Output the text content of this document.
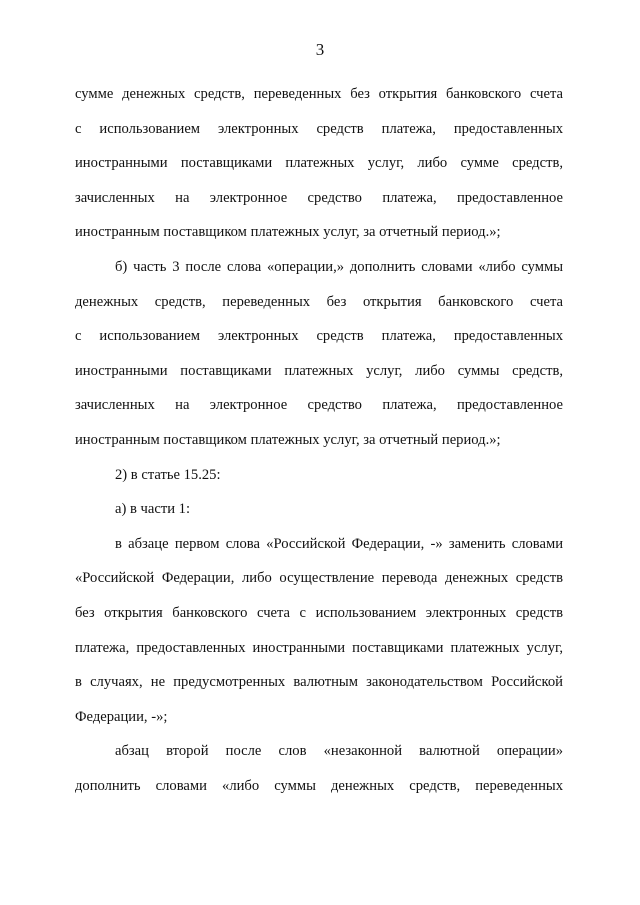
3

сумме денежных средств, переведенных без открытия банковского счета
с использованием электронных средств платежа, предоставленных
иностранными поставщиками платежных услуг, либо сумме средств,
зачисленных на электронное средство платежа, предоставленное
иностранным поставщиком платежных услуг, за отчетный период.»;

б) часть 3 после слова «операции,» дополнить словами «либо суммы
денежных средств, переведенных без открытия банковского счета
с использованием электронных средств платежа, предоставленных
иностранными поставщиками платежных услуг, либо суммы средств,
зачисленных на электронное средство платежа, предоставленное
иностранным поставщиком платежных услуг, за отчетный период.»;

2) в статье 15.25:

а) в части 1:

в абзаце первом слова «Российской Федерации, -» заменить словами
«Российской Федерации, либо осуществление перевода денежных средств
без открытия банковского счета с использованием электронных средств
платежа, предоставленных иностранными поставщиками платежных услуг,
в случаях, не предусмотренных валютным законодательством Российской
Федерации, -»;

абзац второй после слов «незаконной валютной операции»
дополнить словами «либо суммы денежных средств, переведенных
